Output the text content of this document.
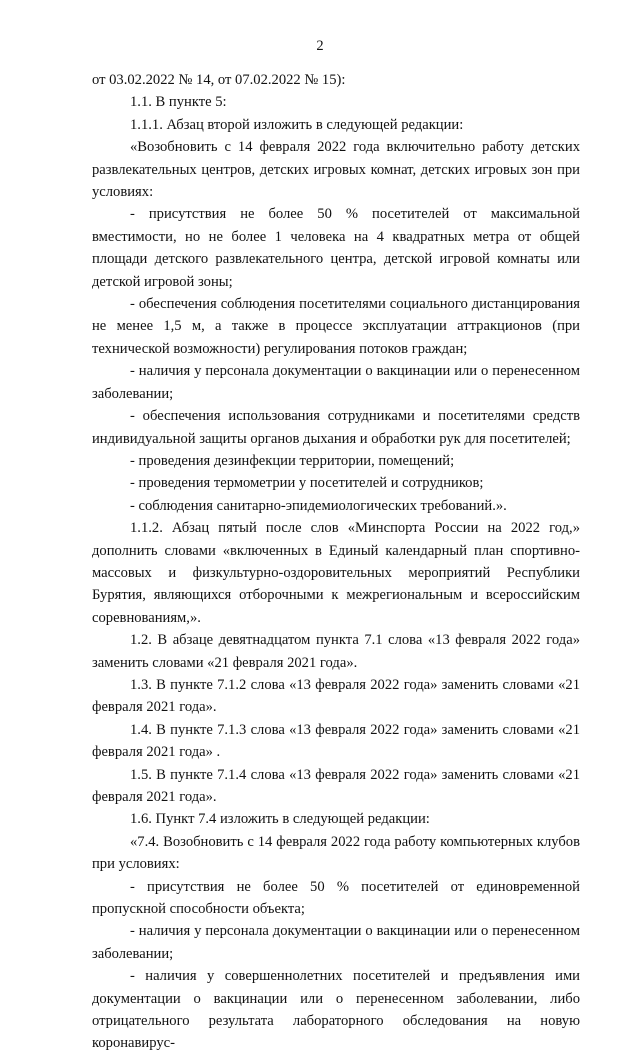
2

от 03.02.2022 № 14, от 07.02.2022 № 15):

1.1. В пункте 5:

1.1.1. Абзац второй изложить в следующей редакции:

«Возобновить с 14 февраля 2022 года включительно работу детских развлекательных центров, детских игровых комнат, детских игровых зон при условиях:

- присутствия не более 50 % посетителей от максимальной вместимости, но не более 1 человека на 4 квадратных метра от общей площади детского развлекательного центра, детской игровой комнаты или детской игровой зоны;

- обеспечения соблюдения посетителями социального дистанцирования не менее 1,5 м, а также в процессе эксплуатации аттракционов (при технической возможности) регулирования потоков граждан;

- наличия у персонала документации о вакцинации или о перенесенном заболевании;

- обеспечения использования сотрудниками и посетителями средств индивидуальной защиты органов дыхания и обработки рук для посетителей;

- проведения дезинфекции территории, помещений;

- проведения термометрии у посетителей и сотрудников;

- соблюдения санитарно-эпидемиологических требований.».

1.1.2. Абзац пятый после слов «Минспорта России на 2022 год,» дополнить словами «включенных в Единый календарный план спортивно-массовых и физкультурно-оздоровительных мероприятий Республики Бурятия, являющихся отборочными к межрегиональным и всероссийским соревнованиям,».

1.2. В абзаце девятнадцатом пункта 7.1 слова «13 февраля 2022 года» заменить словами «21 февраля 2021 года».

1.3. В пункте 7.1.2 слова «13 февраля 2022 года» заменить словами «21 февраля 2021 года».

1.4. В пункте 7.1.3 слова «13 февраля 2022 года» заменить словами «21 февраля 2021 года» .

1.5. В пункте 7.1.4 слова «13 февраля 2022 года» заменить словами «21 февраля 2021 года».

1.6. Пункт 7.4 изложить в следующей редакции:

«7.4. Возобновить с 14 февраля 2022 года работу компьютерных клубов при условиях:

- присутствия не более 50 % посетителей от единовременной пропускной способности объекта;

- наличия у персонала документации о вакцинации или о перенесенном заболевании;

- наличия у совершеннолетних посетителей и предъявления ими документации о вакцинации или о перенесенном заболевании, либо отрицательного результата лабораторного обследования на новую коронавирус-
